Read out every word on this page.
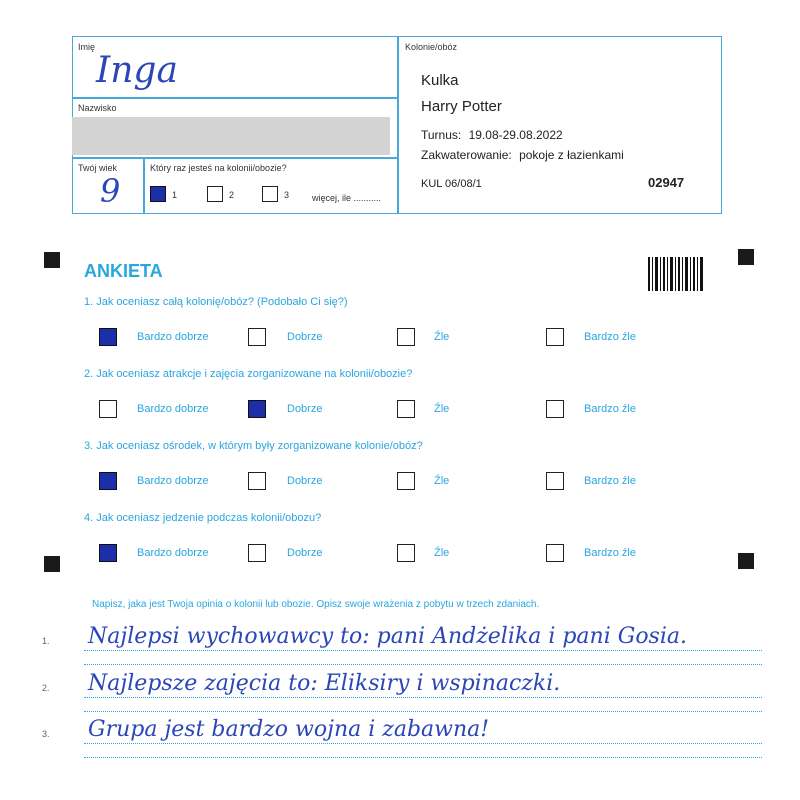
Imię
Inga
Nazwisko
Twój wiek
9
Który raz jesteś na kolonii/obozie?
1	2	3	więcej, ile ...........
Kolonie/obóz
Kulka
Harry Potter
Turnus: 19.08-29.08.2022
Zakwaterowanie: pokoje z łazienkami
KUL 06/08/1	02947
ANKIETA
1. Jak oceniasz całą kolonię/obóz? (Podobało Ci się?)
Bardzo dobrze	Dobrze	Źle	Bardzo źle
2. Jak oceniasz atrakcje i zajęcia zorganizowane na kolonii/obozie?
Bardzo dobrze	Dobrze	Źle	Bardzo źle
3. Jak oceniasz ośrodek, w którym były zorganizowane kolonie/obóz?
Bardzo dobrze	Dobrze	Źle	Bardzo źle
4. Jak oceniasz jedzenie podczas kolonii/obozu?
Bardzo dobrze	Dobrze	Źle	Bardzo źle
Napisz, jaka jest Twoja opinia o kolonii lub obozie. Opisz swoje wrażenia z pobytu w trzech zdaniach.
1. Najlepsi wychowawcy to: pani Andżelika i pani Gosia.
2. Najlepsze zajęcia to: Eliksiry i wspinaczki.
3. Grupa jest bardzo wojna i zabawna!
